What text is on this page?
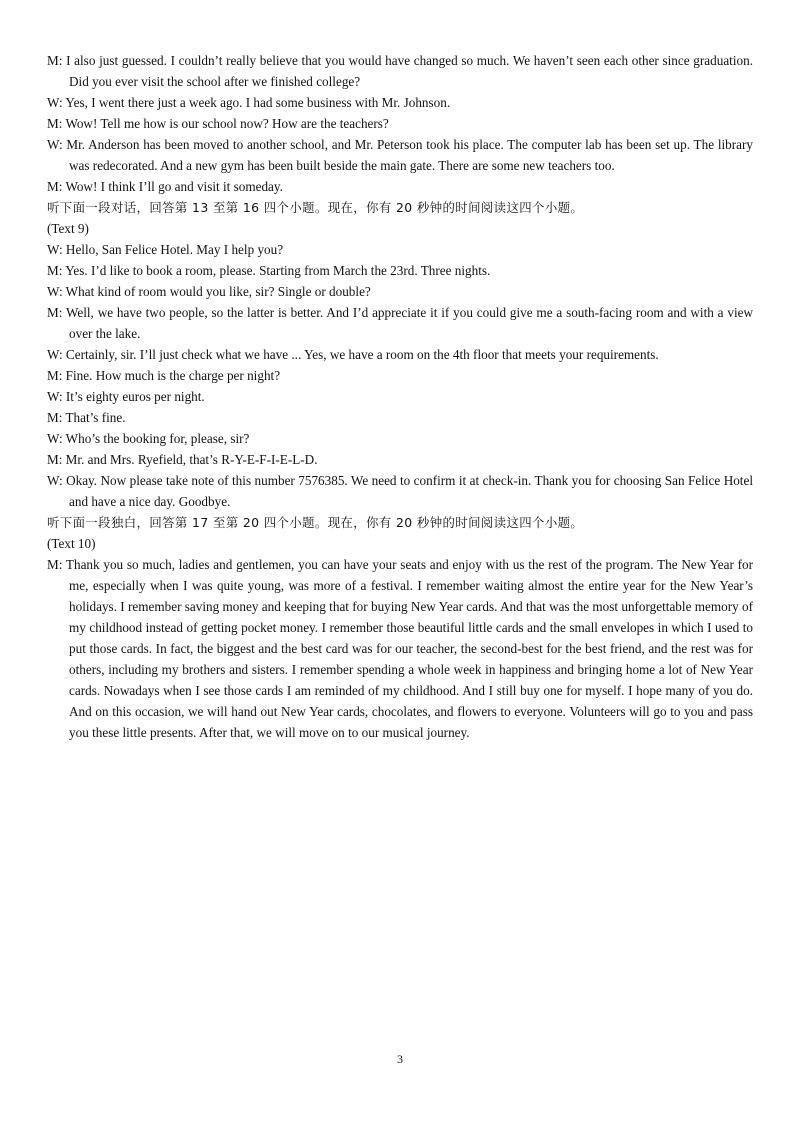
M: I also just guessed. I couldn’t really believe that you would have changed so much. We haven’t seen each other since graduation. Did you ever visit the school after we finished college?
W: Yes, I went there just a week ago. I had some business with Mr. Johnson.
M: Wow! Tell me how is our school now? How are the teachers?
W: Mr. Anderson has been moved to another school, and Mr. Peterson took his place. The computer lab has been set up. The library was redecorated. And a new gym has been built beside the main gate. There are some new teachers too.
M: Wow! I think I’ll go and visit it someday.
听下面一段对话，回答第 13 至第 16 四个小题。现在，你有 20 秒钟的时间阅读这四个小题。
(Text 9)
W: Hello, San Felice Hotel. May I help you?
M: Yes. I’d like to book a room, please. Starting from March the 23rd. Three nights.
W: What kind of room would you like, sir? Single or double?
M: Well, we have two people, so the latter is better. And I’d appreciate it if you could give me a south-facing room and with a view over the lake.
W: Certainly, sir. I’ll just check what we have ... Yes, we have a room on the 4th floor that meets your requirements.
M: Fine. How much is the charge per night?
W: It’s eighty euros per night.
M: That’s fine.
W: Who’s the booking for, please, sir?
M: Mr. and Mrs. Ryefield, that’s R-Y-E-F-I-E-L-D.
W: Okay. Now please take note of this number 7576385. We need to confirm it at check-in. Thank you for choosing San Felice Hotel and have a nice day. Goodbye.
听下面一段独白，回答第 17 至第 20 四个小题。现在，你有 20 秒钟的时间阅读这四个小题。
(Text 10)
M: Thank you so much, ladies and gentlemen, you can have your seats and enjoy with us the rest of the program. The New Year for me, especially when I was quite young, was more of a festival. I remember waiting almost the entire year for the New Year’s holidays. I remember saving money and keeping that for buying New Year cards. And that was the most unforgettable memory of my childhood instead of getting pocket money. I remember those beautiful little cards and the small envelopes in which I used to put those cards. In fact, the biggest and the best card was for our teacher, the second-best for the best friend, and the rest was for others, including my brothers and sisters. I remember spending a whole week in happiness and bringing home a lot of New Year cards. Nowadays when I see those cards I am reminded of my childhood. And I still buy one for myself. I hope many of you do. And on this occasion, we will hand out New Year cards, chocolates, and flowers to everyone. Volunteers will go to you and pass you these little presents. After that, we will move on to our musical journey.
3
